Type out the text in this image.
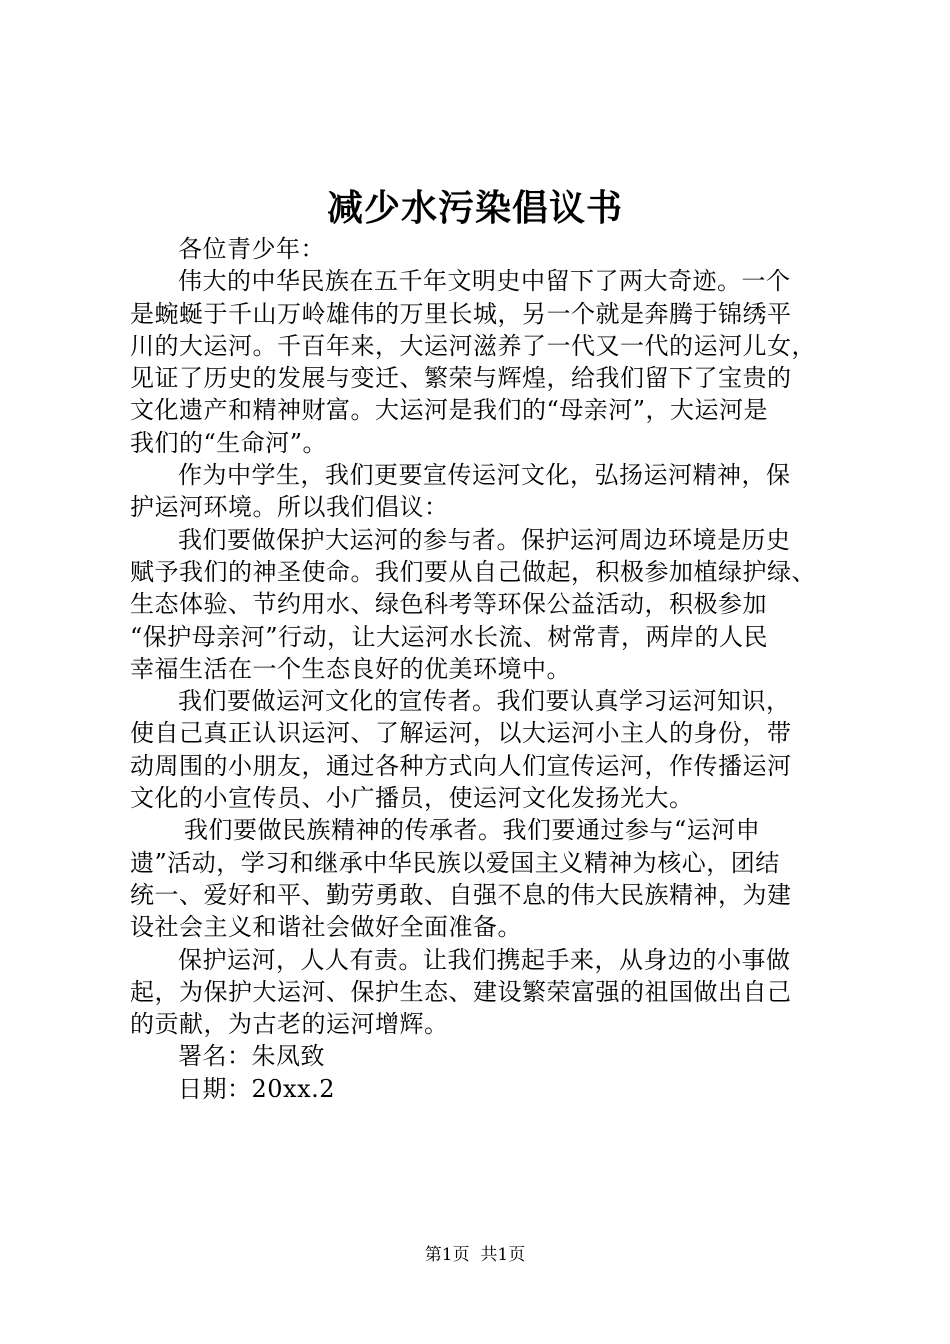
减少水污染倡议书
各位青少年：
伟大的中华民族在五千年文明史中留下了两大奇迹。一个
是蜿蜒于千山万岭雄伟的万里长城，另一个就是奔腾于锦绣平
川的大运河。千百年来，大运河滋养了一代又一代的运河儿女，
见证了历史的发展与变迁、繁荣与辉煌，给我们留下了宝贵的
文化遗产和精神财富。大运河是我们的“母亲河”，大运河是
我们的“生命河”。
作为中学生，我们更要宣传运河文化，弘扬运河精神，保
护运河环境。所以我们倡议：
我们要做保护大运河的参与者。保护运河周边环境是历史
赋予我们的神圣使命。我们要从自己做起，积极参加植绿护绿、
生态体验、节约用水、绿色科考等环保公益活动，积极参加
“保护母亲河”行动，让大运河水长流、树常青，两岸的人民
幸福生活在一个生态良好的优美环境中。
我们要做运河文化的宣传者。我们要认真学习运河知识，
使自己真正认识运河、了解运河，以大运河小主人的身份，带
动周围的小朋友，通过各种方式向人们宣传运河，作传播运河
文化的小宣传员、小广播员，使运河文化发扬光大。
我们要做民族精神的传承者。我们要通过参与“运河申
遗”活动，学习和继承中华民族以爱国主义精神为核心，团结
统一、爱好和平、勤劳勇敢、自强不息的伟大民族精神，为建
设社会主义和谐社会做好全面准备。
保护运河，人人有责。让我们携起手来，从身边的小事做
起，为保护大运河、保护生态、建设繁荣富强的祖国做出自己
的贡献，为古老的运河增辉。
署名：朱凤致
日期：20xx.2
第1页  共1页
